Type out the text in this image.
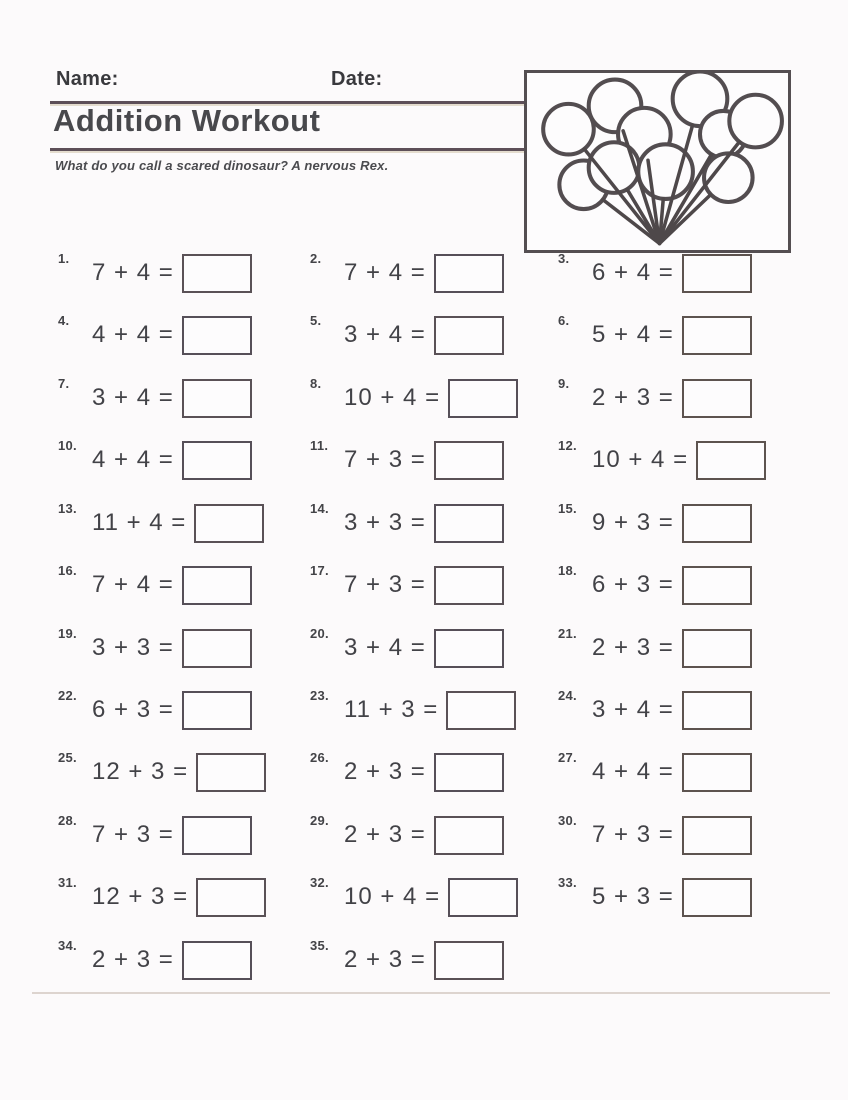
Name:	Date:
Addition Workout
What do you call a scared dinosaur? A nervous Rex.
1.
7 + 4 =
2.
7 + 4 =
3.
6 + 4 =
4.
4 + 4 =
5.
3 + 4 =
6.
5 + 4 =
7.
3 + 4 =
8.
10 + 4 =
9.
2 + 3 =
10.
4 + 4 =
11.
7 + 3 =
12.
10 + 4 =
13.
11 + 4 =
14.
3 + 3 =
15.
9 + 3 =
16.
7 + 4 =
17.
7 + 3 =
18.
6 + 3 =
19.
3 + 3 =
20.
3 + 4 =
21.
2 + 3 =
22.
6 + 3 =
23.
11 + 3 =
24.
3 + 4 =
25.
12 + 3 =
26.
2 + 3 =
27.
4 + 4 =
28.
7 + 3 =
29.
2 + 3 =
30.
7 + 3 =
31.
12 + 3 =
32.
10 + 4 =
33.
5 + 3 =
34.
2 + 3 =
35.
2 + 3 =
